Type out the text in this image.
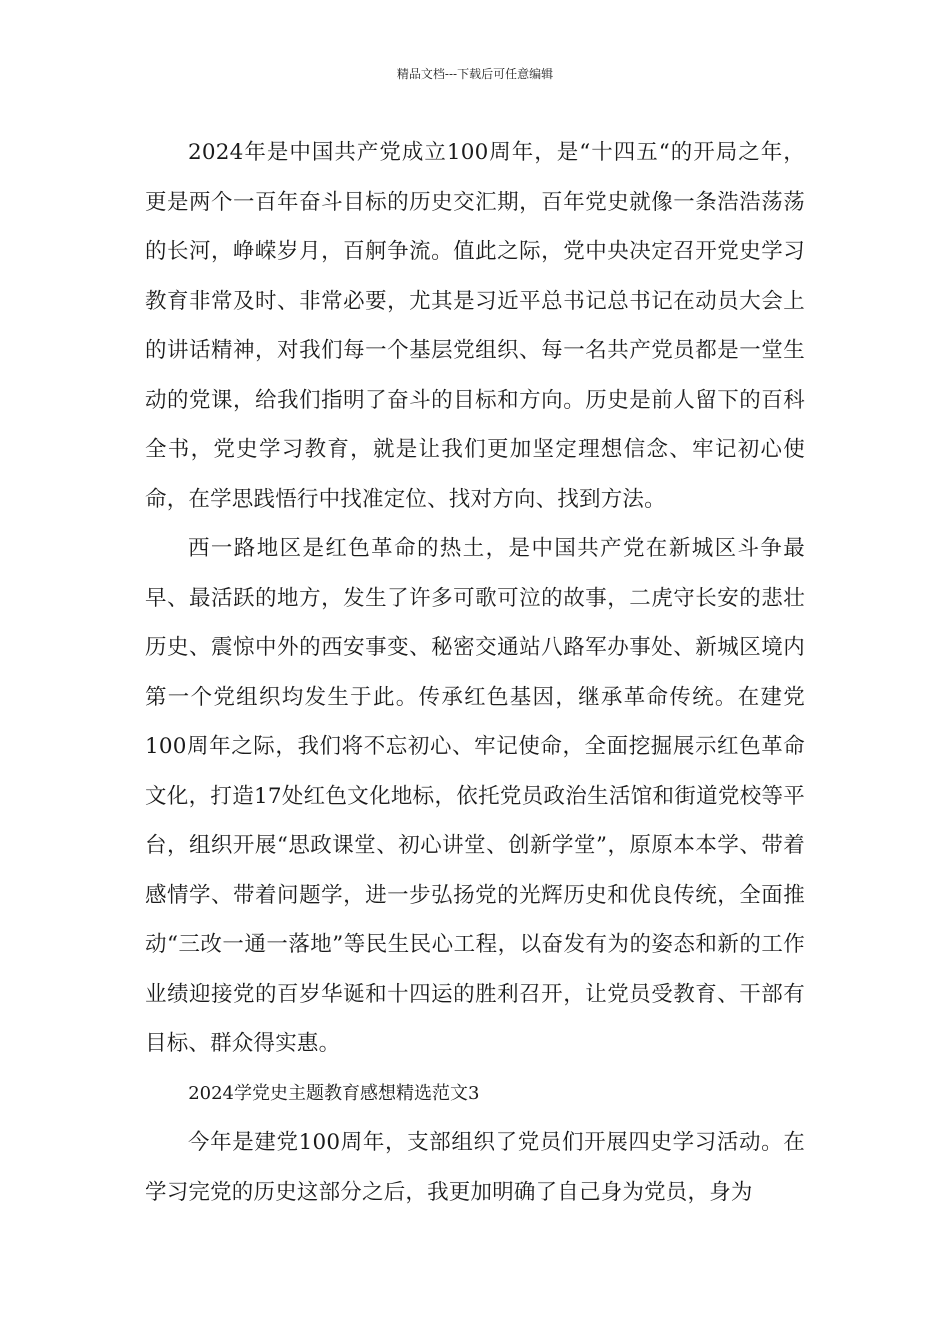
精品文档---下载后可任意编辑

2024年是中国共产党成立100周年，是“十四五“的开局之年，更是两个一百年奋斗目标的历史交汇期，百年党史就像一条浩浩荡荡的长河，峥嵘岁月，百舸争流。值此之际，党中央决定召开党史学习教育非常及时、非常必要，尤其是习近平总书记总书记在动员大会上的讲话精神，对我们每一个基层党组织、每一名共产党员都是一堂生动的党课，给我们指明了奋斗的目标和方向。历史是前人留下的百科全书，党史学习教育，就是让我们更加坚定理想信念、牢记初心使命，在学思践悟行中找准定位、找对方向、找到方法。

西一路地区是红色革命的热土，是中国共产党在新城区斗争最早、最活跃的地方，发生了许多可歌可泣的故事，二虎守长安的悲壮历史、震惊中外的西安事变、秘密交通站八路军办事处、新城区境内第一个党组织均发生于此。传承红色基因，继承革命传统。在建党100周年之际，我们将不忘初心、牢记使命，全面挖掘展示红色革命文化，打造17处红色文化地标，依托党员政治生活馆和街道党校等平台，组织开展“思政课堂、初心讲堂、创新学堂”，原原本本学、带着感情学、带着问题学，进一步弘扬党的光辉历史和优良传统，全面推动“三改一通一落地”等民生民心工程，以奋发有为的姿态和新的工作业绩迎接党的百岁华诞和十四运的胜利召开，让党员受教育、干部有目标、群众得实惠。

2024学党史主题教育感想精选范文3

今年是建党100周年，支部组织了党员们开展四史学习活动。在学习完党的历史这部分之后，我更加明确了自己身为党员，身为
